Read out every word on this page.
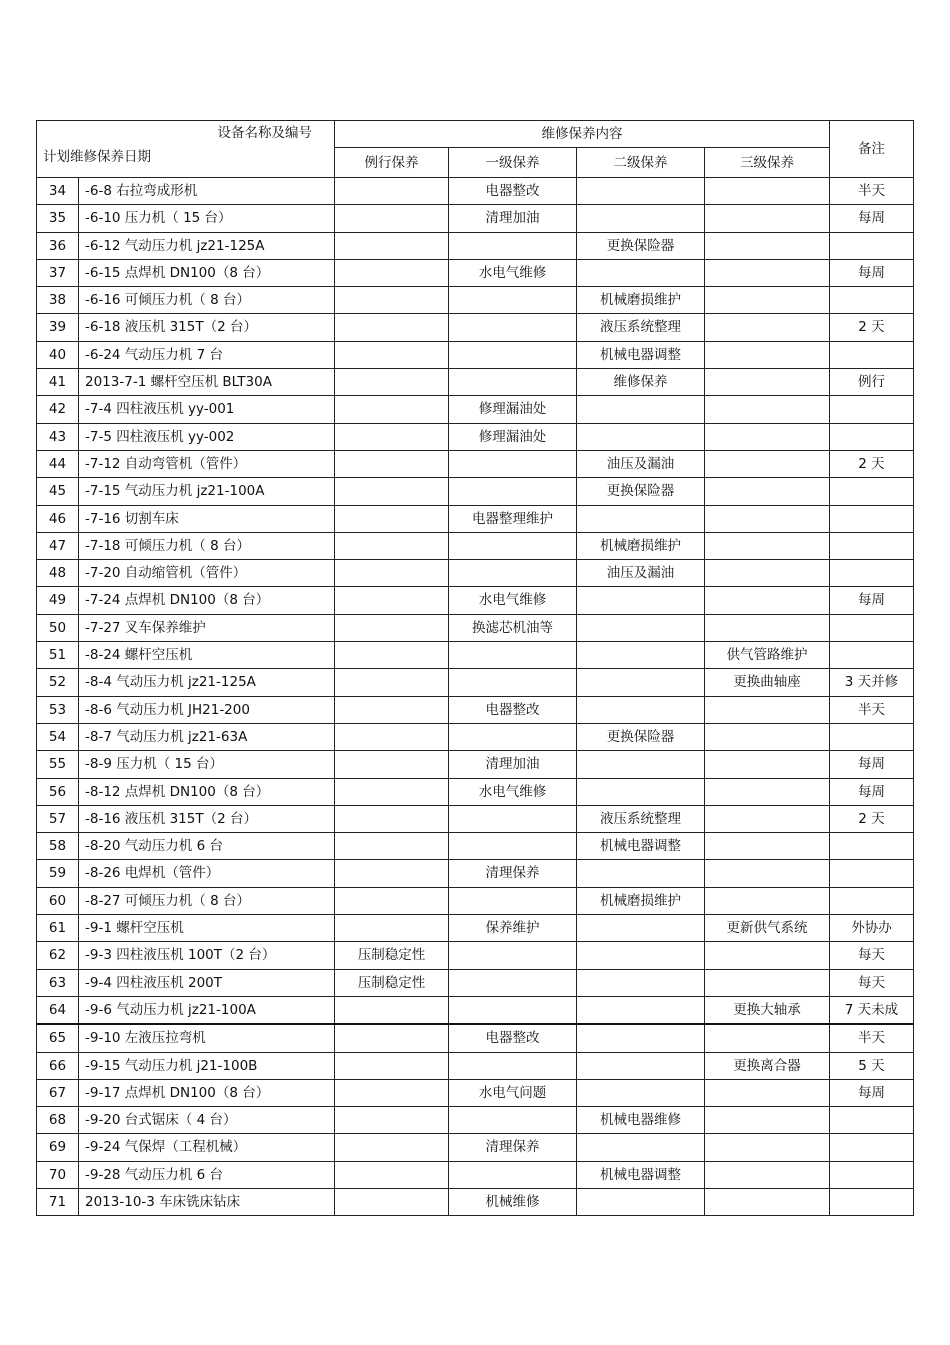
设备名称及编号
计划维修保养日期		维修保养内容				备注
		例行保养	一级保养	二级保养	三级保养	
34	-6-8 右拉弯成形机		电器整改			半天
35	-6-10 压力机（ 15 台）		清理加油			每周
36	-6-12 气动压力机 jz21-125A			更换保险器		
37	-6-15 点焊机 DN100（8 台）		水电气维修			每周
38	-6-16 可倾压力机（ 8 台）			机械磨损维护		
39	-6-18 液压机 315T（2 台）			液压系统整理		2 天
40	-6-24 气动压力机 7 台			机械电器调整		
41	2013-7-1 螺杆空压机 BLT30A			维修保养		例行
42	-7-4 四柱液压机 yy-001		修理漏油处			
43	-7-5 四柱液压机 yy-002		修理漏油处			
44	-7-12 自动弯管机（管件）			油压及漏油		2 天
45	-7-15 气动压力机 jz21-100A			更换保险器		
46	-7-16 切割车床		电器整理维护			
47	-7-18 可倾压力机（ 8 台）			机械磨损维护		
48	-7-20 自动缩管机（管件）			油压及漏油		
49	-7-24 点焊机 DN100（8 台）		水电气维修			每周
50	-7-27 叉车保养维护		换滤芯机油等			
51	-8-24 螺杆空压机				供气管路维护	
52	-8-4 气动压力机 jz21-125A				更换曲轴座	3 天并修
53	-8-6 气动压力机 JH21-200		电器整改			半天
54	-8-7 气动压力机 jz21-63A			更换保险器		
55	-8-9 压力机（ 15 台）		清理加油			每周
56	-8-12 点焊机 DN100（8 台）		水电气维修			每周
57	-8-16 液压机 315T（2 台）			液压系统整理		2 天
58	-8-20 气动压力机 6 台			机械电器调整		
59	-8-26 电焊机（管件）		清理保养			
60	-8-27 可倾压力机（ 8 台）			机械磨损维护		
61	-9-1 螺杆空压机		保养维护		更新供气系统	外协办
62	-9-3 四柱液压机 100T（2 台）	压制稳定性				每天
63	-9-4 四柱液压机 200T	压制稳定性				每天
64	-9-6 气动压力机 jz21-100A				更换大轴承	7 天未成
65	-9-10 左液压拉弯机		电器整改			半天
66	-9-15 气动压力机 j21-100B				更换离合器	5 天
67	-9-17 点焊机 DN100（8 台）		水电气问题			每周
68	-9-20 台式锯床（ 4 台）			机械电器维修		
69	-9-24 气保焊（工程机械）		清理保养			
70	-9-28 气动压力机 6 台			机械电器调整		
71	2013-10-3 车床铣床钻床		机械维修			
